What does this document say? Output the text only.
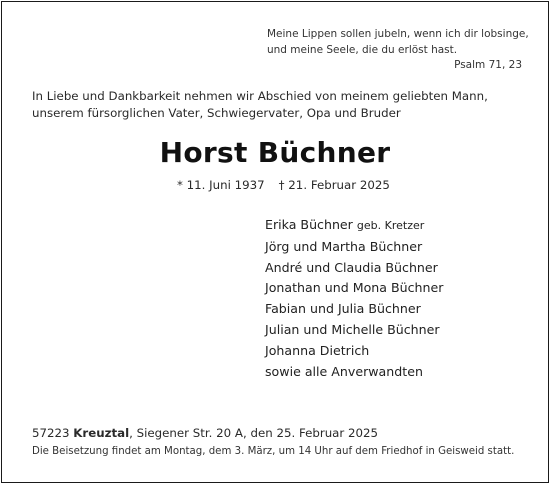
Meine Lippen sollen jubeln, wenn ich dir lobsinge,
und meine Seele, die du erlöst hast.
Psalm 71, 23
In Liebe und Dankbarkeit nehmen wir Abschied von meinem geliebten Mann,
unserem fürsorglichen Vater, Schwiegervater, Opa und Bruder
Horst Büchner
* 11. Juni 1937 † 21. Februar 2025
Erika Büchner geb. Kretzer
Jörg und Martha Büchner
André und Claudia Büchner
Jonathan und Mona Büchner
Fabian und Julia Büchner
Julian und Michelle Büchner
Johanna Dietrich
sowie alle Anverwandten
57223 Kreuztal, Siegener Str. 20 A, den 25. Februar 2025
Die Beisetzung findet am Montag, dem 3. März, um 14 Uhr auf dem Friedhof in Geisweid statt.
